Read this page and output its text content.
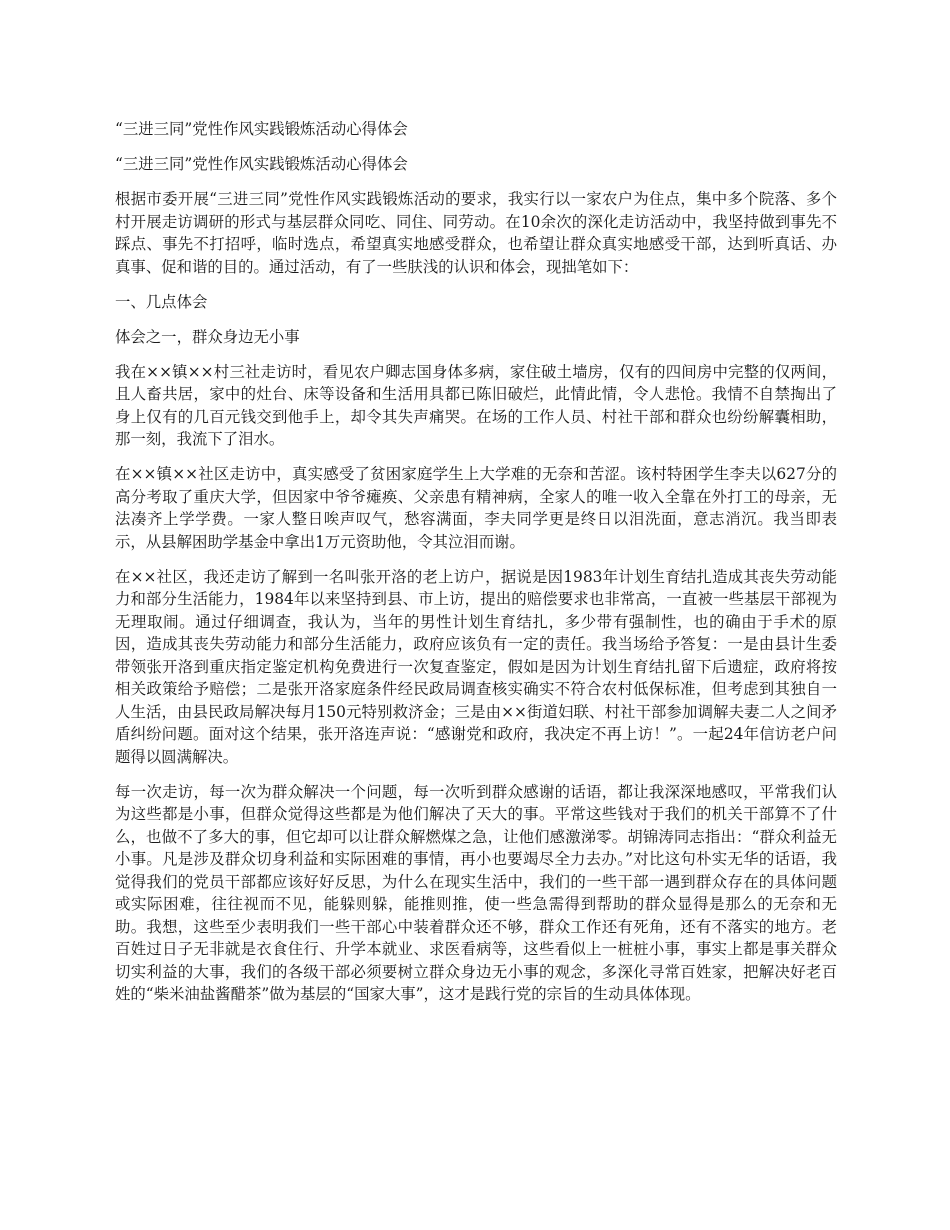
“三进三同”党性作风实践锻炼活动心得体会

“三进三同”党性作风实践锻炼活动心得体会

根据市委开展“三进三同”党性作风实践锻炼活动的要求，我实行以一家农户为住点，集中多个院落、多个村开展走访调研的形式与基层群众同吃、同住、同劳动。在10余次的深化走访活动中，我坚持做到事先不踩点、事先不打招呼，临时选点，希望真实地感受群众，也希望让群众真实地感受干部，达到听真话、办真事、促和谐的目的。通过活动，有了一些肤浅的认识和体会，现拙笔如下：

一、几点体会

体会之一，群众身边无小事

我在××镇××村三社走访时，看见农户卿志国身体多病，家住破土墙房，仅有的四间房中完整的仅两间，且人畜共居，家中的灶台、床等设备和生活用具都已陈旧破烂，此情此情，令人悲怆。我情不自禁掏出了身上仅有的几百元钱交到他手上，却令其失声痛哭。在场的工作人员、村社干部和群众也纷纷解囊相助，那一刻，我流下了泪水。

在××镇××社区走访中，真实感受了贫困家庭学生上大学难的无奈和苦涩。该村特困学生李夫以627分的高分考取了重庆大学，但因家中爷爷瘫痪、父亲患有精神病，全家人的唯一收入全靠在外打工的母亲，无法凑齐上学学费。一家人整日唉声叹气，愁容满面，李夫同学更是终日以泪洗面，意志消沉。我当即表示，从县解困助学基金中拿出1万元资助他，令其泣泪而谢。

在××社区，我还走访了解到一名叫张开洛的老上访户，据说是因1983年计划生育结扎造成其丧失劳动能力和部分生活能力，1984年以来坚持到县、市上访，提出的赔偿要求也非常高，一直被一些基层干部视为无理取闹。通过仔细调查，我认为，当年的男性计划生育结扎，多少带有强制性，也的确由于手术的原因，造成其丧失劳动能力和部分生活能力，政府应该负有一定的责任。我当场给予答复：一是由县计生委带领张开洛到重庆指定鉴定机构免费进行一次复查鉴定，假如是因为计划生育结扎留下后遗症，政府将按相关政策给予赔偿；二是张开洛家庭条件经民政局调查核实确实不符合农村低保标准，但考虑到其独自一人生活，由县民政局解决每月150元特别救济金；三是由××街道妇联、村社干部参加调解夫妻二人之间矛盾纠纷问题。面对这个结果，张开洛连声说：“感谢党和政府，我决定不再上访！”。一起24年信访老户问题得以圆满解决。

每一次走访，每一次为群众解决一个问题，每一次听到群众感谢的话语，都让我深深地感叹，平常我们认为这些都是小事，但群众觉得这些都是为他们解决了天大的事。平常这些钱对于我们的机关干部算不了什么，也做不了多大的事，但它却可以让群众解燃煤之急，让他们感激涕零。胡锦涛同志指出：“群众利益无小事。凡是涉及群众切身利益和实际困难的事情，再小也要竭尽全力去办。”对比这句朴实无华的话语，我觉得我们的党员干部都应该好好反思，为什么在现实生活中，我们的一些干部一遇到群众存在的具体问题或实际困难，往往视而不见，能躲则躲，能推则推，使一些急需得到帮助的群众显得是那么的无奈和无助。我想，这些至少表明我们一些干部心中装着群众还不够，群众工作还有死角，还有不落实的地方。老百姓过日子无非就是衣食住行、升学本就业、求医看病等，这些看似上一桩桩小事，事实上都是事关群众切实利益的大事，我们的各级干部必须要树立群众身边无小事的观念，多深化寻常百姓家，把解决好老百姓的“柴米油盐酱醋茶”做为基层的“国家大事”，这才是践行党的宗旨的生动具体体现。
